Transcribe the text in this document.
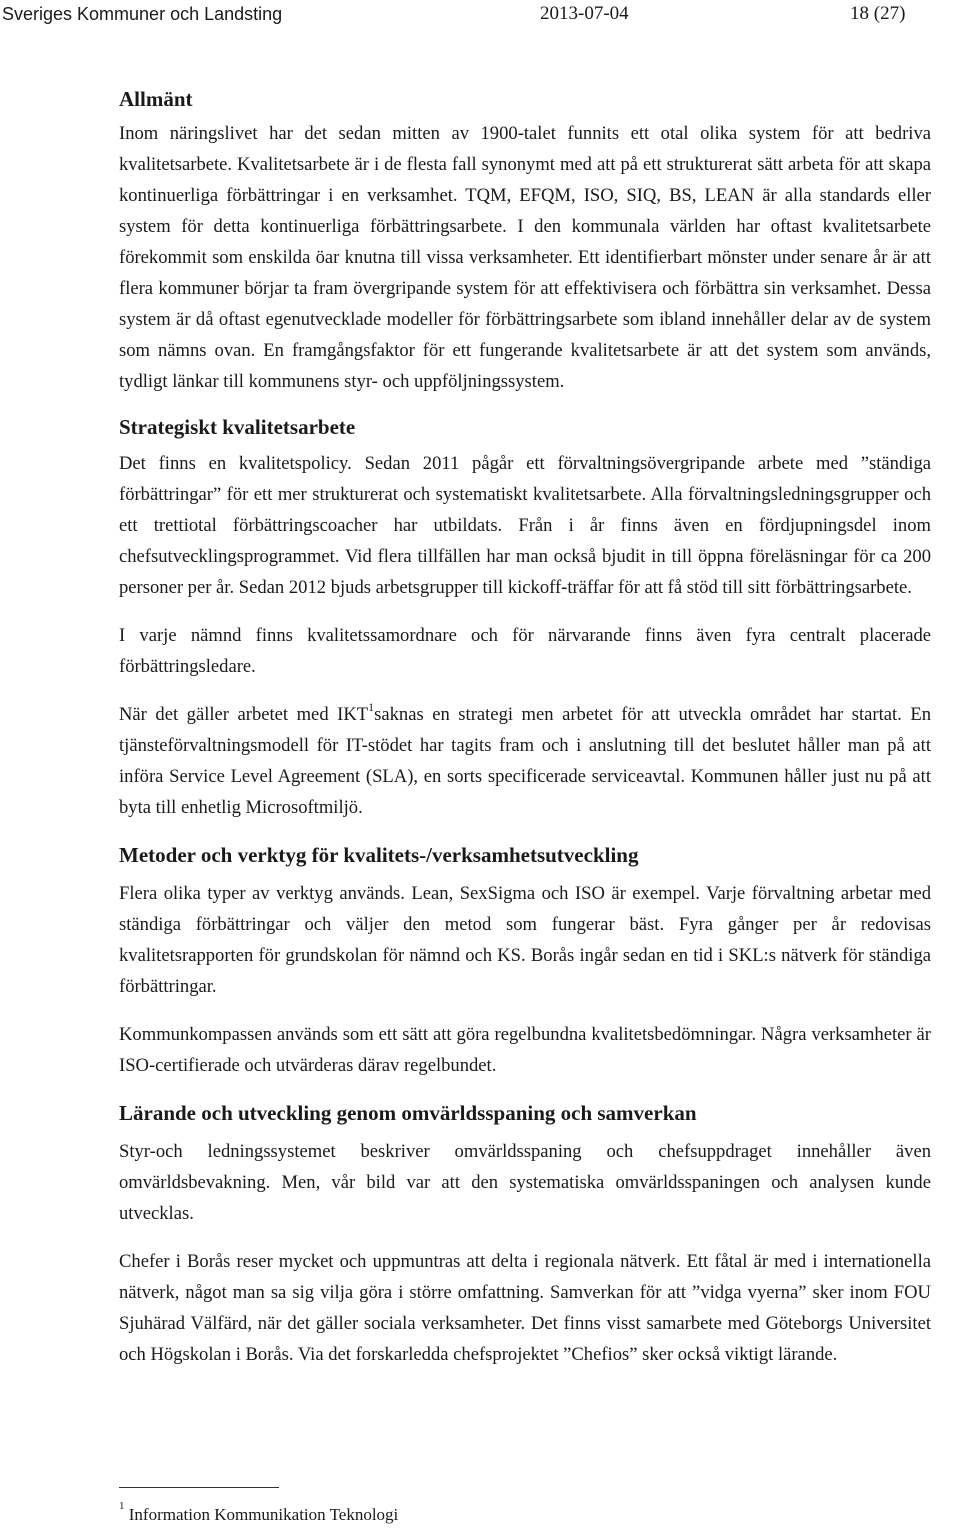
Sveriges Kommuner och Landsting	2013-07-04	18 (27)
Allmänt

Inom näringslivet har det sedan mitten av 1900-talet funnits ett otal olika system för att bedriva kvalitetsarbete. Kvalitetsarbete är i de flesta fall synonymt med att på ett strukturerat sätt arbeta för att skapa kontinuerliga förbättringar i en verksamhet. TQM, EFQM, ISO, SIQ, BS, LEAN är alla standards eller system för detta kontinuerliga förbättringsarbete. I den kommunala världen har oftast kvalitetsarbete förekommit som enskilda öar knutna till vissa verksamheter. Ett identifierbart mönster under senare år är att flera kommuner börjar ta fram övergripande system för att effektivisera och förbättra sin verksamhet. Dessa system är då oftast egenutvecklade modeller för förbättringsarbete som ibland innehåller delar av de system som nämns ovan. En framgångsfaktor för ett fungerande kvalitetsarbete är att det system som används, tydligt länkar till kommunens styr- och uppföljningssystem.

Strategiskt kvalitetsarbete

Det finns en kvalitetspolicy. Sedan 2011 pågår ett förvaltningsövergripande arbete med ”ständiga förbättringar” för ett mer strukturerat och systematiskt kvalitetsarbete. Alla förvaltningsledningsgrupper och ett trettiotal förbättringscoacher har utbildats. Från i år finns även en fördjupningsdel inom chefsutvecklingsprogrammet. Vid flera tillfällen har man också bjudit in till öppna föreläsningar för ca 200 personer per år. Sedan 2012 bjuds arbetsgrupper till kickoff-träffar för att få stöd till sitt förbättringsarbete.

I varje nämnd finns kvalitetssamordnare och för närvarande finns även fyra centralt placerade förbättringsledare.

När det gäller arbetet med IKT$^1$saknas en strategi men arbetet för att utveckla området har startat. En tjänsteförvaltningsmodell för IT-stödet har tagits fram och i anslutning till det beslutet håller man på att införa Service Level Agreement (SLA), en sorts specificerade serviceavtal. Kommunen håller just nu på att byta till enhetlig Microsoftmiljö.

Metoder och verktyg för kvalitets-/verksamhetsutveckling

Flera olika typer av verktyg används. Lean, SexSigma och ISO är exempel. Varje förvaltning arbetar med ständiga förbättringar och väljer den metod som fungerar bäst. Fyra gånger per år redovisas kvalitetsrapporten för grundskolan för nämnd och KS. Borås ingår sedan en tid i SKL:s nätverk för ständiga förbättringar.

Kommunkompassen används som ett sätt att göra regelbundna kvalitetsbedömningar. Några verksamheter är ISO-certifierade och utvärderas därav regelbundet.

Lärande och utveckling genom omvärldsspaning och samverkan

Styr-och ledningssystemet beskriver omvärldsspaning och chefsuppdraget innehåller även omvärldsbevakning. Men, vår bild var att den systematiska omvärldsspaningen och analysen kunde utvecklas.

Chefer i Borås reser mycket och uppmuntras att delta i regionala nätverk. Ett fåtal är med i internationella nätverk, något man sa sig vilja göra i större omfattning. Samverkan för att ”vidga vyerna” sker inom FOU Sjuhärad Välfärd, när det gäller sociala verksamheter. Det finns visst samarbete med Göteborgs Universitet och Högskolan i Borås. Via det forskarledda chefsprojektet ”Chefios” sker också viktigt lärande.

$^1$ Information Kommunikation Teknologi
